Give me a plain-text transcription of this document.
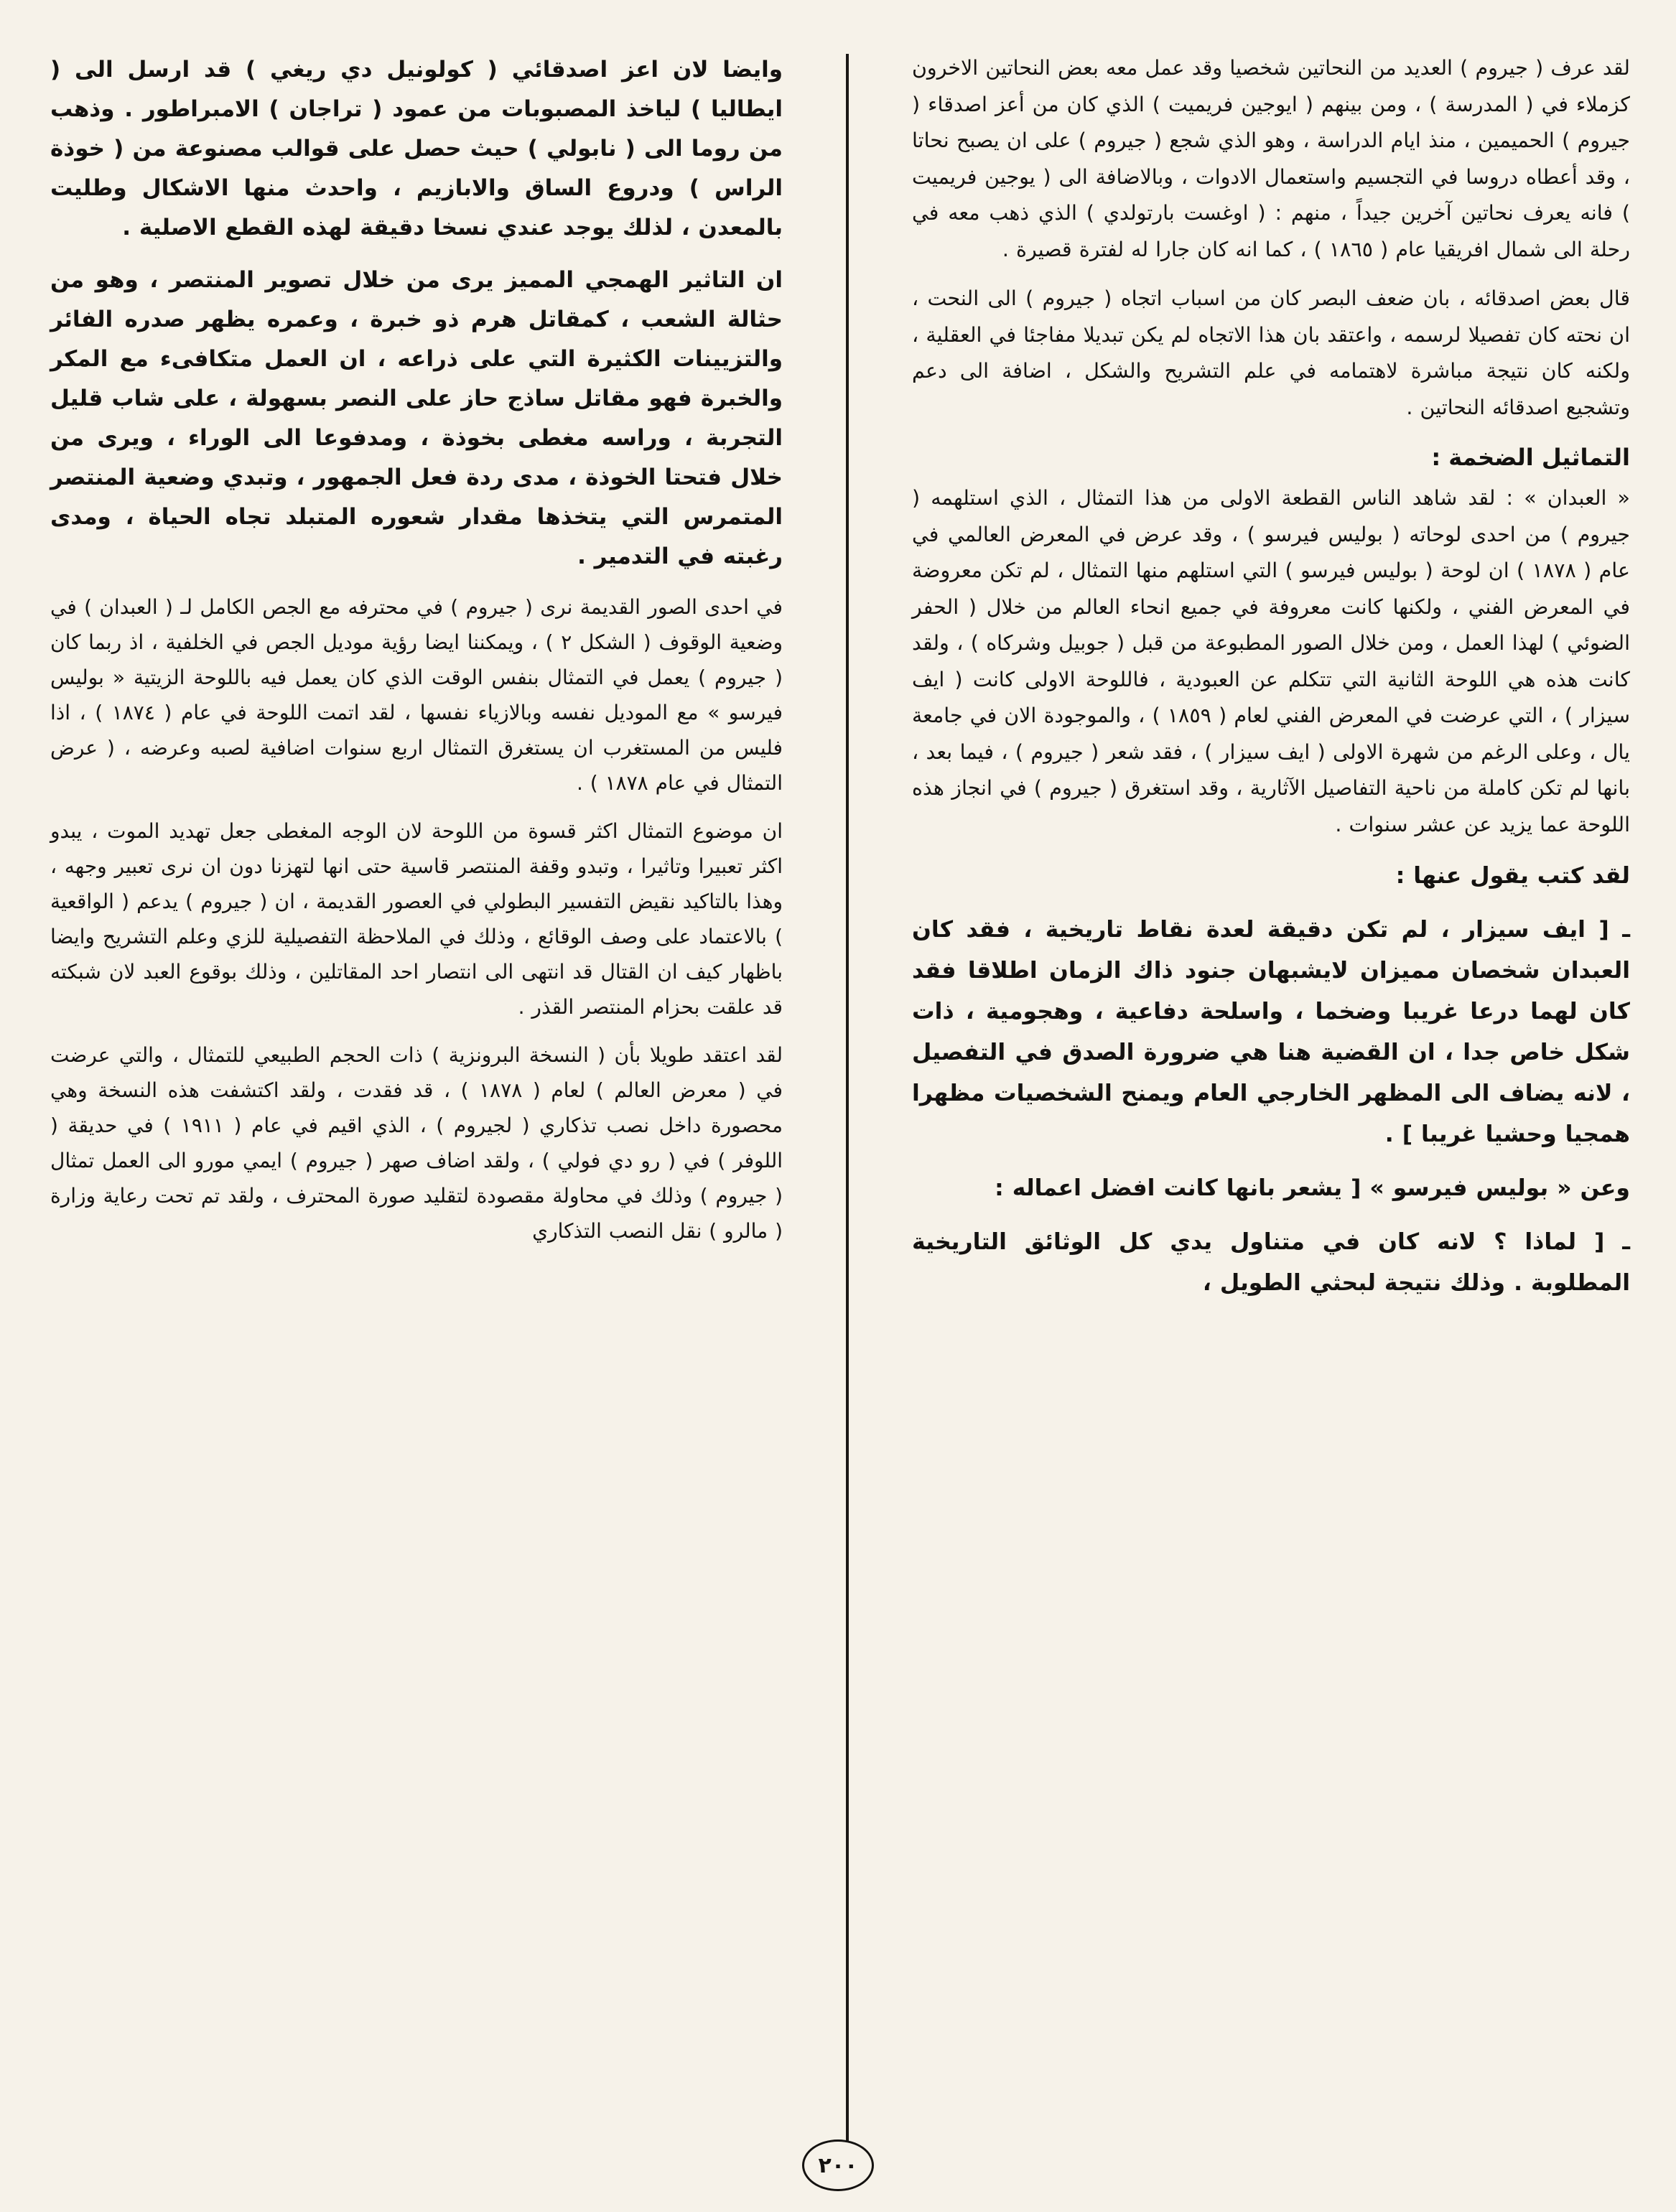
لقد عرف ( جيروم ) العديد من النحاتين شخصيا وقد عمل معه بعض النحاتين الاخرون كزملاء في ( المدرسة ) ، ومن بينهم ( ايوجين فريميت ) الذي كان من أعز اصدقاء ( جيروم ) الحميمين ، منذ ايام الدراسة ، وهو الذي شجع ( جيروم ) على ان يصبح نحاتا ، وقد أعطاه دروسا في التجسيم واستعمال الادوات ، وبالاضافة الى ( يوجين فريميت ) فانه يعرف نحاتين آخرين جيداً ، منهم : ( اوغست بارتولدي ) الذي ذهب معه في رحلة الى شمال افريقيا عام ( ١٨٦٥ ) ، كما انه كان جارا له لفترة قصيرة .

قال بعض اصدقائه ، بان ضعف البصر كان من اسباب اتجاه ( جيروم ) الى النحت ، ان نحته كان تفصيلا لرسمه ، واعتقد بان هذا الاتجاه لم يكن تبديلا مفاجئا في العقلية ، ولكنه كان نتيجة مباشرة لاهتمامه في علم التشريح والشكل ، اضافة الى دعم وتشجيع اصدقائه النحاتين .

التماثيل الضخمة :

« العبدان » : لقد شاهد الناس القطعة الاولى من هذا التمثال ، الذي استلهمه ( جيروم ) من احدى لوحاته ( بوليس فيرسو ) ، وقد عرض في المعرض العالمي في عام ( ١٨٧٨ ) ان لوحة ( بوليس فيرسو ) التي استلهم منها التمثال ، لم تكن معروضة في المعرض الفني ، ولكنها كانت معروفة في جميع انحاء العالم من خلال ( الحفر الضوئي ) لهذا العمل ، ومن خلال الصور المطبوعة من قبل ( جوبيل وشركاه ) ، ولقد كانت هذه هي اللوحة الثانية التي تتكلم عن العبودية ، فاللوحة الاولى كانت ( ايف سيزار ) ، التي عرضت في المعرض الفني لعام ( ١٨٥٩ ) ، والموجودة الان في جامعة يال ، وعلى الرغم من شهرة الاولى ( ايف سيزار ) ، فقد شعر ( جيروم ) ، فيما بعد ، بانها لم تكن كاملة من ناحية التفاصيل الآثارية ، وقد استغرق ( جيروم ) في انجاز هذه اللوحة عما يزيد عن عشر سنوات .

لقد كتب يقول عنها :

ـ [ ايف سيزار ، لم تكن دقيقة لعدة نقاط تاريخية ، فقد كان العبدان شخصان مميزان لايشبهان جنود ذاك الزمان اطلاقا فقد كان لهما درعا غريبا وضخما ، واسلحة دفاعية ، وهجومية ، ذات شكل خاص جدا ، ان القضية هنا هي ضرورة الصدق في التفصيل ، لانه يضاف الى المظهر الخارجي العام ويمنح الشخصيات مظهرا همجيا وحشيا غريبا ] .

وعن « بوليس فيرسو » [ يشعر بانها كانت افضل اعماله :

ـ [ لماذا ؟ لانه كان في متناول يدي كل الوثائق التاريخية المطلوبة . وذلك نتيجة لبحثي الطويل ،

وايضا لان اعز اصدقائي ( كولونيل دي ريغي ) قد ارسل الى ( ايطاليا ) لياخذ المصبوبات من عمود ( تراجان ) الامبراطور . وذهب من روما الى ( نابولي ) حيث حصل على قوالب مصنوعة من ( خوذة الراس ) ودروع الساق والابازيم ، واحدث منها الاشكال وطليت بالمعدن ، لذلك يوجد عندي نسخا دقيقة لهذه القطع الاصلية .

ان التاثير الهمجي المميز يرى من خلال تصوير المنتصر ، وهو من حثالة الشعب ، كمقاتل هرم ذو خبرة ، وعمره يظهر صدره الفائر والتزيينات الكثيرة التي على ذراعه ، ان العمل متكافىء مع المكر والخبرة فهو مقاتل ساذج حاز على النصر بسهولة ، على شاب قليل التجربة ، وراسه مغطى بخوذة ، ومدفوعا الى الوراء ، ويرى من خلال فتحتا الخوذة ، مدى ردة فعل الجمهور ، وتبدي وضعية المنتصر المتمرس التي يتخذها مقدار شعوره المتبلد تجاه الحياة ، ومدى رغبته في التدمير .

في احدى الصور القديمة نرى ( جيروم ) في محترفه مع الجص الكامل لـ ( العبدان ) في وضعية الوقوف ( الشكل ٢ ) ، ويمكننا ايضا رؤية موديل الجص في الخلفية ، اذ ربما كان ( جيروم ) يعمل في التمثال بنفس الوقت الذي كان يعمل فيه باللوحة الزيتية « بوليس فيرسو » مع الموديل نفسه وبالازياء نفسها ، لقد اتمت اللوحة في عام ( ١٨٧٤ ) ، اذا فليس من المستغرب ان يستغرق التمثال اربع سنوات اضافية لصبه وعرضه ، ( عرض التمثال في عام ١٨٧٨ ) .

ان موضوع التمثال اكثر قسوة من اللوحة لان الوجه المغطى جعل تهديد الموت ، يبدو اكثر تعبيرا وتاثيرا ، وتبدو وقفة المنتصر قاسية حتى انها لتهزنا دون ان نرى تعبير وجهه ، وهذا بالتاكيد نقيض التفسير البطولي في العصور القديمة ، ان ( جيروم ) يدعم ( الواقعية ) بالاعتماد على وصف الوقائع ، وذلك في الملاحظة التفصيلية للزي وعلم التشريح وايضا باظهار كيف ان القتال قد انتهى الى انتصار احد المقاتلين ، وذلك بوقوع العبد لان شبكته قد علقت بحزام المنتصر القذر .

لقد اعتقد طويلا بأن ( النسخة البرونزية ) ذات الحجم الطبيعي للتمثال ، والتي عرضت في ( معرض العالم ) لعام ( ١٨٧٨ ) ، قد فقدت ، ولقد اكتشفت هذه النسخة وهي محصورة داخل نصب تذكاري ( لجيروم ) ، الذي اقيم في عام ( ١٩١١ ) في حديقة ( اللوفر ) في ( رو دي فولي ) ، ولقد اضاف صهر ( جيروم ) ايمي مورو الى العمل تمثال ( جيروم ) وذلك في محاولة مقصودة لتقليد صورة المحترف ، ولقد تم تحت رعاية وزارة ( مالرو ) نقل النصب التذكاري

٢٠٠
